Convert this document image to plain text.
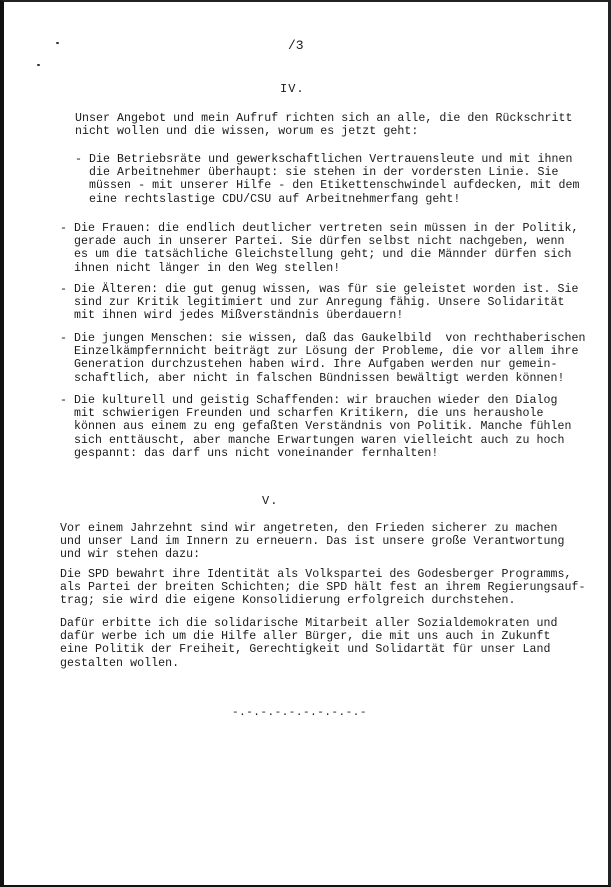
/3
IV.
Unser Angebot und mein Aufruf richten sich an alle, die den Rückschritt
nicht wollen und die wissen, worum es jetzt geht:
- Die Betriebsräte und gewerkschaftlichen Vertrauensleute und mit ihnen
die Arbeitnehmer überhaupt: sie stehen in der vordersten Linie. Sie
müssen - mit unserer Hilfe - den Etikettenschwindel aufdecken, mit dem
eine rechtslastige CDU/CSU auf Arbeitnehmerfang geht!
- Die Frauen: die endlich deutlicher vertreten sein müssen in der Politik,
gerade auch in unserer Partei. Sie dürfen selbst nicht nachgeben, wenn
es um die tatsächliche Gleichstellung geht; und die Männder dürfen sich
ihnen nicht länger in den Weg stellen!
- Die Älteren: die gut genug wissen, was für sie geleistet worden ist. Sie
sind zur Kritik legitimiert und zur Anregung fähig. Unsere Solidarität
mit ihnen wird jedes Mißverständnis überdauern!
- Die jungen Menschen: sie wissen, daß das Gaukelbild  von rechthaberischen
Einzelkämpfernnicht beiträgt zur Lösung der Probleme, die vor allem ihre
Generation durchzustehen haben wird. Ihre Aufgaben werden nur gemein-
schaftlich, aber nicht in falschen Bündnissen bewältigt werden können!
- Die kulturell und geistig Schaffenden: wir brauchen wieder den Dialog
mit schwierigen Freunden und scharfen Kritikern, die uns heraushole
können aus einem zu eng gefaßten Verständnis von Politik. Manche fühlen
sich enttäuscht, aber manche Erwartungen waren vielleicht auch zu hoch
gespannt: das darf uns nicht voneinander fernhalten!
V.
Vor einem Jahrzehnt sind wir angetreten, den Frieden sicherer zu machen
und unser Land im Innern zu erneuern. Das ist unsere große Verantwortung
und wir stehen dazu:
Die SPD bewahrt ihre Identität als Volkspartei des Godesberger Programms,
als Partei der breiten Schichten; die SPD hält fest an ihrem Regierungsauf-
trag; sie wird die eigene Konsolidierung erfolgreich durchstehen.
Dafür erbitte ich die solidarische Mitarbeit aller Sozialdemokraten und
dafür werbe ich um die Hilfe aller Bürger, die mit uns auch in Zukunft
eine Politik der Freiheit, Gerechtigkeit und Solidartät für unser Land
gestalten wollen.
-.-.-.-.-.-.-.-.-.-
